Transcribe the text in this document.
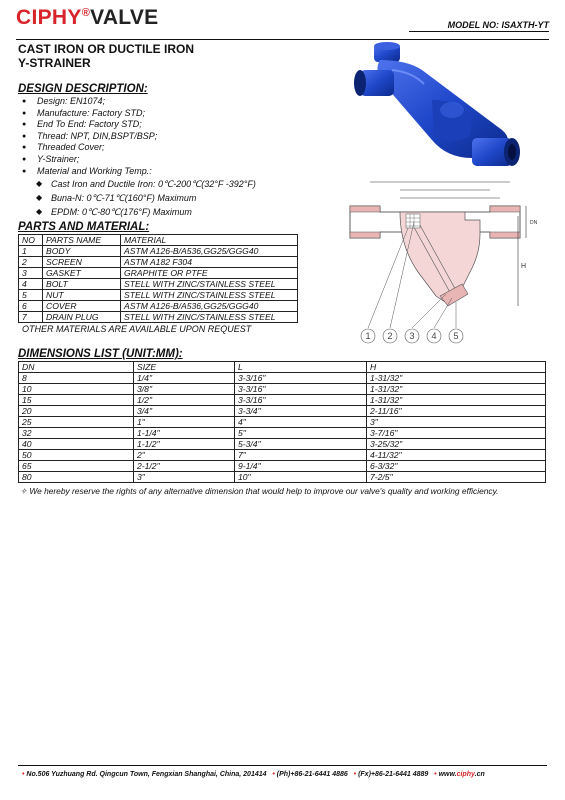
CIPHY®VALVE	MODEL NO: ISAXTH-YT
CAST IRON OR DUCTILE IRON
Y-STRAINER
DESIGN DESCRIPTION:
● Design: EN1074;
● Manufacture: Factory STD;
● End To End: Factory STD;
● Thread: NPT, DIN,BSPT/BSP;
● Threaded Cover;
● Y-Strainer;
● Material and Working Temp.:
◆ Cast Iron and Ductile Iron: 0℃-200℃(32°F -392°F)
◆ Buna-N: 0℃-71℃(160°F) Maximum
◆ EPDM: 0℃-80℃(176°F) Maximum
DN
H
1 2 3 4 5
PARTS AND MATERIAL:
NO	PARTS NAME	MATERIAL
1	BODY	ASTM A126-B/A536,GG25/GGG40
2	SCREEN	ASTM A182 F304
3	GASKET	GRAPHITE OR PTFE
4	BOLT	STELL WITH ZINC/STAINLESS STEEL
5	NUT	STELL WITH ZINC/STAINLESS STEEL
6	COVER	ASTM A126-B/A536,GG25/GGG40
7	DRAIN PLUG	STELL WITH ZINC/STAINLESS STEEL
OTHER MATERIALS ARE AVAILABLE UPON REQUEST
DIMENSIONS LIST (UNIT:MM):
DN	SIZE	L	H
8	1/4"	3-3/16"	1-31/32"
10	3/8"	3-3/16"	1-31/32"
15	1/2"	3-3/16"	1-31/32"
20	3/4"	3-3/4"	2-11/16"
25	1"	4"	3"
32	1-1/4"	5"	3-7/16"
40	1-1/2"	5-3/4"	3-25/32"
50	2"	7"	4-11/32"
65	2-1/2"	9-1/4"	6-3/32"
80	3"	10"	7-2/5"
✧ We hereby reserve the rights of any alternative dimension that would help to improve our valve's quality and working efficiency.
• No.506 Yuzhuang Rd. Qingcun Town, Fengxian Shanghai, China, 201414 • (Ph)+86-21-6441 4886 • (Fx)+86-21-6441 4889 • www.ciphy.cn
